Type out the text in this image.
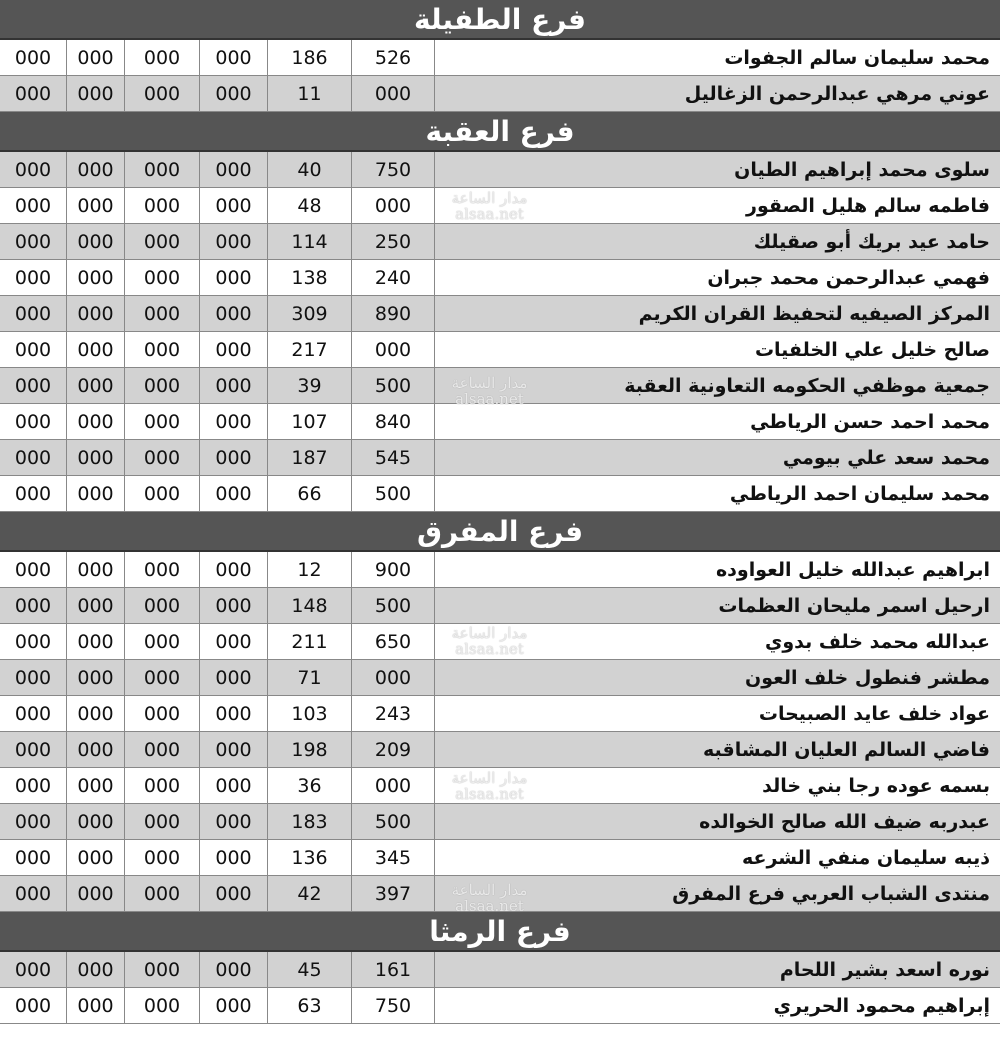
فرع الطفيلة
000	000	000	000	186	526	محمد سليمان سالم الجفوات
000	000	000	000	11	000	عوني مرهي عبدالرحمن الزغاليل
فرع العقبة
000	000	000	000	40	750	سلوى محمد إبراهيم الطيان
000	000	000	000	48	000	فاطمه سالم هليل الصقور
000	000	000	000	114	250	حامد عيد بريك أبو صقيلك
000	000	000	000	138	240	فهمي عبدالرحمن محمد جبران
000	000	000	000	309	890	المركز الصيفيه لتحفيظ القران الكريم
000	000	000	000	217	000	صالح خليل علي الخلفيات
000	000	000	000	39	500	جمعية موظفي الحكومه التعاونية العقبة
000	000	000	000	107	840	محمد احمد حسن الرياطي
000	000	000	000	187	545	محمد سعد علي بيومي
000	000	000	000	66	500	محمد سليمان احمد الرياطي
فرع المفرق
000	000	000	000	12	900	ابراهيم عبدالله خليل العواوده
000	000	000	000	148	500	ارحيل اسمر مليحان العظمات
000	000	000	000	211	650	عبدالله محمد خلف بدوي
000	000	000	000	71	000	مطشر فنطول خلف العون
000	000	000	000	103	243	عواد خلف عايد الصبيحات
000	000	000	000	198	209	فاضي السالم العليان المشاقبه
000	000	000	000	36	000	بسمه عوده رجا بني خالد
000	000	000	000	183	500	عبدربه ضيف الله صالح الخوالده
000	000	000	000	136	345	ذيبه سليمان منفي الشرعه
000	000	000	000	42	397	منتدى الشباب العربي فرع المفرق
فرع الرمثا
000	000	000	000	45	161	نوره اسعد بشير اللحام
000	000	000	000	63	750	إبراهيم محمود الحريري
مدار الساعة
alsaa.net
مدار الساعة
alsaa.net
مدار الساعة
alsaa.net
مدار الساعة
alsaa.net
مدار الساعة
alsaa.net
